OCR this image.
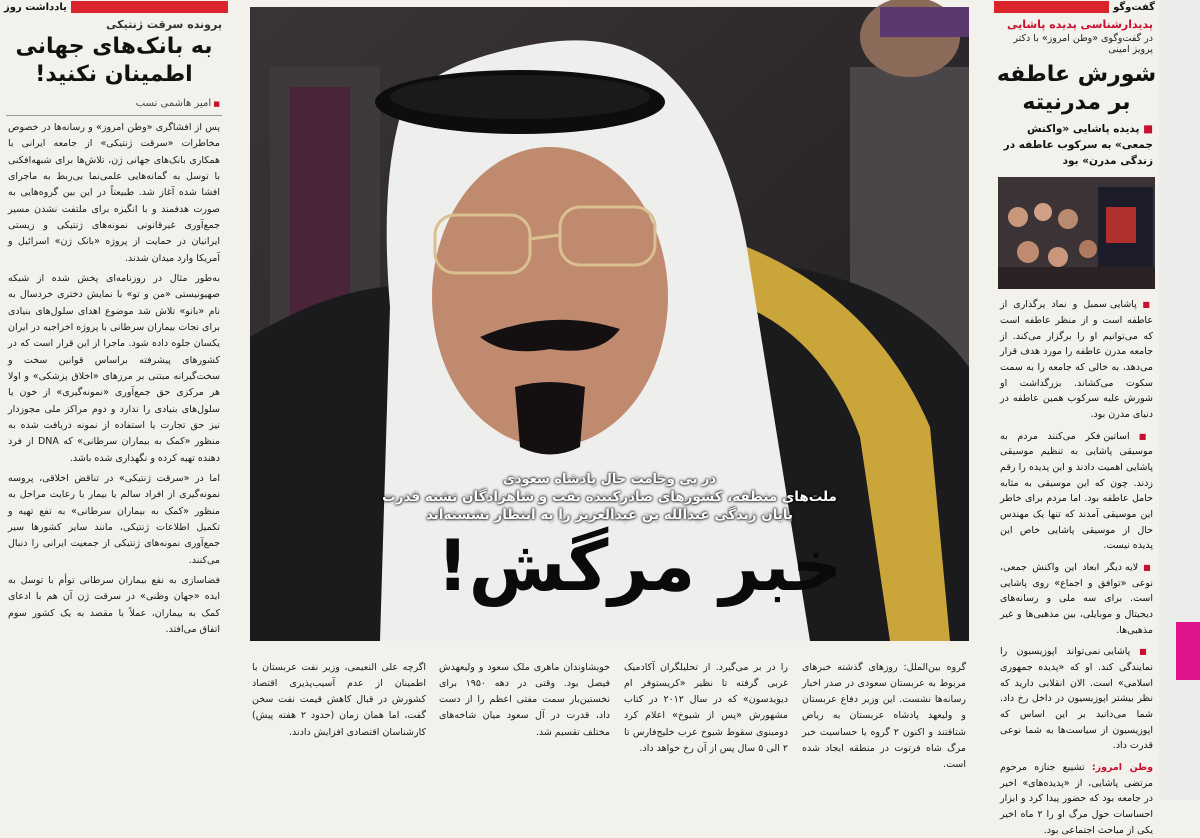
یادداشت روز
پرونده سرقت ژنتیکی
به بانک‌های جهانی
اطمینان نکنید!
■ امیر هاشمی نسب

پس از افشاگری «وطن امروز» و رسانه‌ها در خصوص مخاطرات «سرقت ژنتیکی» از جامعه ایرانی با همکاری بانک‌های جهانی ژن، تلاش‌ها برای شبهه‌افکنی با توسل به گمانه‌هایی علمی‌نما بی‌ربط به ماجرای افشا شده آغاز شد. طبیعتاً در این بین گروه‌هایی به صورت هدفمند و با انگیزه برای ملتفت نشدن مسیر جمع‌آوری غیرقانونی نمونه‌های ژنتیکی و زیستی ایرانیان در حمایت از پروژه «بانک ژن» اسرائیل و آمریکا وارد میدان شدند.

به‌طور مثال در روزنامه‌ای پخش شده از شبکه صهیونیستی «من و تو» با نمایش دختری خردسال به نام «بانو» تلاش شد موضوع اهدای سلول‌های بنیادی برای نجات بیماران سرطانی با پروژه اخراجیه در ایران یکسان جلوه داده شود. ماجرا از این قرار است که در کشورهای پیشرفته براساس قوانین سخت و سخت‌گیرانه مبتنی بر مرزهای «اخلاق پزشکی» و اولا هر مرکزی حق جمع‌آوری «نمونه‌گیری» از خون یا سلول‌های بنیادی را ندارد و دوم مراکز ملی مجوزدار نیز حق تجارت یا استفاده از نمونه دریافت شده به منظور «کمک به بیماران سرطانی» که DNA از فرد دهنده تهیه کرده و نگهداری شده باشد.

اما در «سرقت ژنتیکی» در تناقض اخلاقی، پروسه نمونه‌گیری از افراد سالم یا بیمار با رعایت مراحل به منظور «کمک به بیماران سرطانی» به تفع تهیه و تکمیل اطلاعات ژنتیکی، مانند سایر کشورها سیر جمع‌آوری نمونه‌های ژنتیکی از جمعیت ایرانی را دنبال می‌کنند.

فضاسازی به نفع بیماران سرطانی توأم با توسل به ایده «جهان وطنی» در سرقت ژن آن هم با ادعای کمک به بیماران، عملاً با مقصد به یک کشور سوم اتفاق می‌افتد.

در پی وخامت حال پادشاه سعودی
ملت‌های منطقه، کشورهای صادرکننده نفت و شاهزادگان تشنه قدرت
پایان زندگی عبدالله بن عبدالعزیز را به انتظار نشسته‌اند
خبر مرگش!
گفت‌وگو
پدیدارشناسی پدیده پاشایی
در گفت‌وگوی «وطن امروز» با دکتر پرویز امینی
شورش عاطفه
بر مدرنیته
■ پدیده پاشایی «واکنش جمعی» به سرکوب عاطفه در زندگی مدرن» بود

■ پاشایی سمبل و نماد پرگذاری از عاطفه است و از منظر عاطفه است که می‌توانیم او را برگزار می‌کند. از جامعه مدرن عاطفه را مورد هدف قرار می‌دهد، به خالی که جامعه را به سمت سکوت می‌کشاند. بزرگداشت او شورش علیه سرکوب همین عاطفه در دنیای مدرن بود.

■ اساتین فکر می‌کنند مردم به موسیقی پاشایی به تنظیم موسیقی پاشایی اهمیت دادند و این پدیده را رقم زدند. چون که این موسیقی به مثابه حامل عاطفه بود. اما مردم برای خاطر این موسیقی آمدند که تنها یک مهندس حال از موسیقی پاشایی خاص این پدیده نیست.

■ لایه دیگر ابعاد این واکنش جمعی، نوعی «توافق و اجماع» روی پاشایی است. برای سه ملی و رسانه‌های دیجیتال و موبایلی، بین مذهبی‌ها و غیر مذهبی‌ها.

■ پاشایی نمی‌تواند اپوزیسیون را نمایندگی کند. او که «پدیده جمهوری اسلامی» است. الان انقلابی دارید که نظر بیشتر اپوزیسیون در داخل رخ داد. شما می‌دانید بر این اساس که اپوزیسیون از سیاست‌ها به شما نوعی قدرت داد.

وطن امروز: تشییع جنازه مرحوم مرتضی پاشایی، از «پدیده‌های» اخیر در جامعه بود که حضور پیدا کرد و ابزار احساسات حول مرگ او را ۲ ماه اخیر یکی از مباحث اجتماعی بود.

گروه بین‌الملل: روزهای گذشته خبرهای مربوط به عربستان سعودی در صدر اخبار رسانه‌ها نشست. این وزیر دفاع عربستان و ولیعهد پادشاه عربستان به ریاض شتافتند و اکنون ۲ گروه یا حساسیت خبر مرگ شاه فرتوت در منطقه ایجاد شده است.
را در بر می‌گیرد. از تحلیلگران آکادمیک غربی گرفته تا نظیر «کریستوفر ام دیویدسون» که در سال ۲۰۱۲ در کتاب مشهورش «پس از شیوخ» اعلام کرد دومینوی سقوط شیوخ عرب خلیج‌فارس تا ۲ الی ۵ سال پس از آن رخ خواهد داد.
خویشاوندان ماهری ملک سعود و ولیعهدش فیصل بود. وقتی در دهه ۱۹۵۰ برای نخستین‌بار سمت مفتی اعظم را از دست داد، قدرت در آل سعود میان شاخه‌های مختلف تقسیم شد.
اگرچه علی النعیمی، وزیر نفت عربستان با اطمینان از عدم آسیب‌پذیری اقتصاد کشورش در قبال کاهش قیمت نفت سخن گفت، اما همان زمان (حدود ۲ هفته پیش) کارشناسان اقتصادی افزایش دادند.
